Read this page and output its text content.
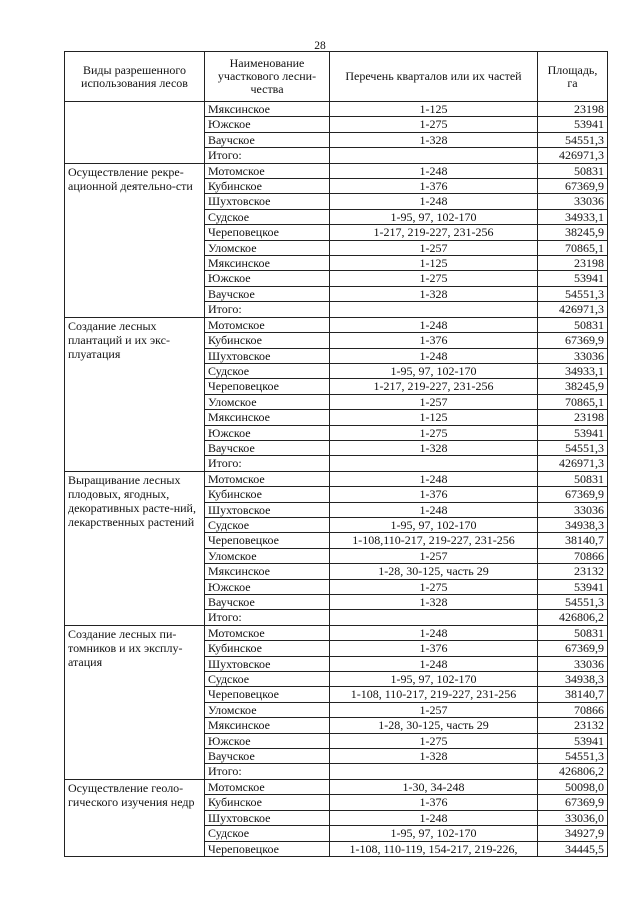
28
Виды разрешенного использования лесов	Наименование участкового лесни-чества	Перечень кварталов или их частей	Площадь, га
	Мяксинское	1-125	23198
	Южское	1-275	53941
	Ваучское	1-328	54551,3
	Итого:		426971,3
Осуществление рекре-ационной деятельно-сти	Мотомское	1-248	50831
	Кубинское	1-376	67369,9
	Шухтовское	1-248	33036
	Судское	1-95, 97, 102-170	34933,1
	Череповецкое	1-217, 219-227, 231-256	38245,9
	Уломское	1-257	70865,1
	Мяксинское	1-125	23198
	Южское	1-275	53941
	Ваучское	1-328	54551,3
	Итого:		426971,3
Создание лесных плантаций и их экс-плуатация	Мотомское	1-248	50831
	Кубинское	1-376	67369,9
	Шухтовское	1-248	33036
	Судское	1-95, 97, 102-170	34933,1
	Череповецкое	1-217, 219-227, 231-256	38245,9
	Уломское	1-257	70865,1
	Мяксинское	1-125	23198
	Южское	1-275	53941
	Ваучское	1-328	54551,3
	Итого:		426971,3
Выращивание лесных плодовых, ягодных, декоративных расте-ний, лекарственных растений	Мотомское	1-248	50831
	Кубинское	1-376	67369,9
	Шухтовское	1-248	33036
	Судское	1-95, 97, 102-170	34938,3
	Череповецкое	1-108,110-217, 219-227, 231-256	38140,7
	Уломское	1-257	70866
	Мяксинское	1-28, 30-125, часть 29	23132
	Южское	1-275	53941
	Ваучское	1-328	54551,3
	Итого:		426806,2
Создание лесных пи-томников и их эксплу-атация	Мотомское	1-248	50831
	Кубинское	1-376	67369,9
	Шухтовское	1-248	33036
	Судское	1-95, 97, 102-170	34938,3
	Череповецкое	1-108, 110-217, 219-227, 231-256	38140,7
	Уломское	1-257	70866
	Мяксинское	1-28, 30-125, часть 29	23132
	Южское	1-275	53941
	Ваучское	1-328	54551,3
	Итого:		426806,2
Осуществление геоло-гического изучения недр	Мотомское	1-30, 34-248	50098,0
	Кубинское	1-376	67369,9
	Шухтовское	1-248	33036,0
	Судское	1-95, 97, 102-170	34927,9
	Череповецкое	1-108, 110-119, 154-217, 219-226,	34445,5
